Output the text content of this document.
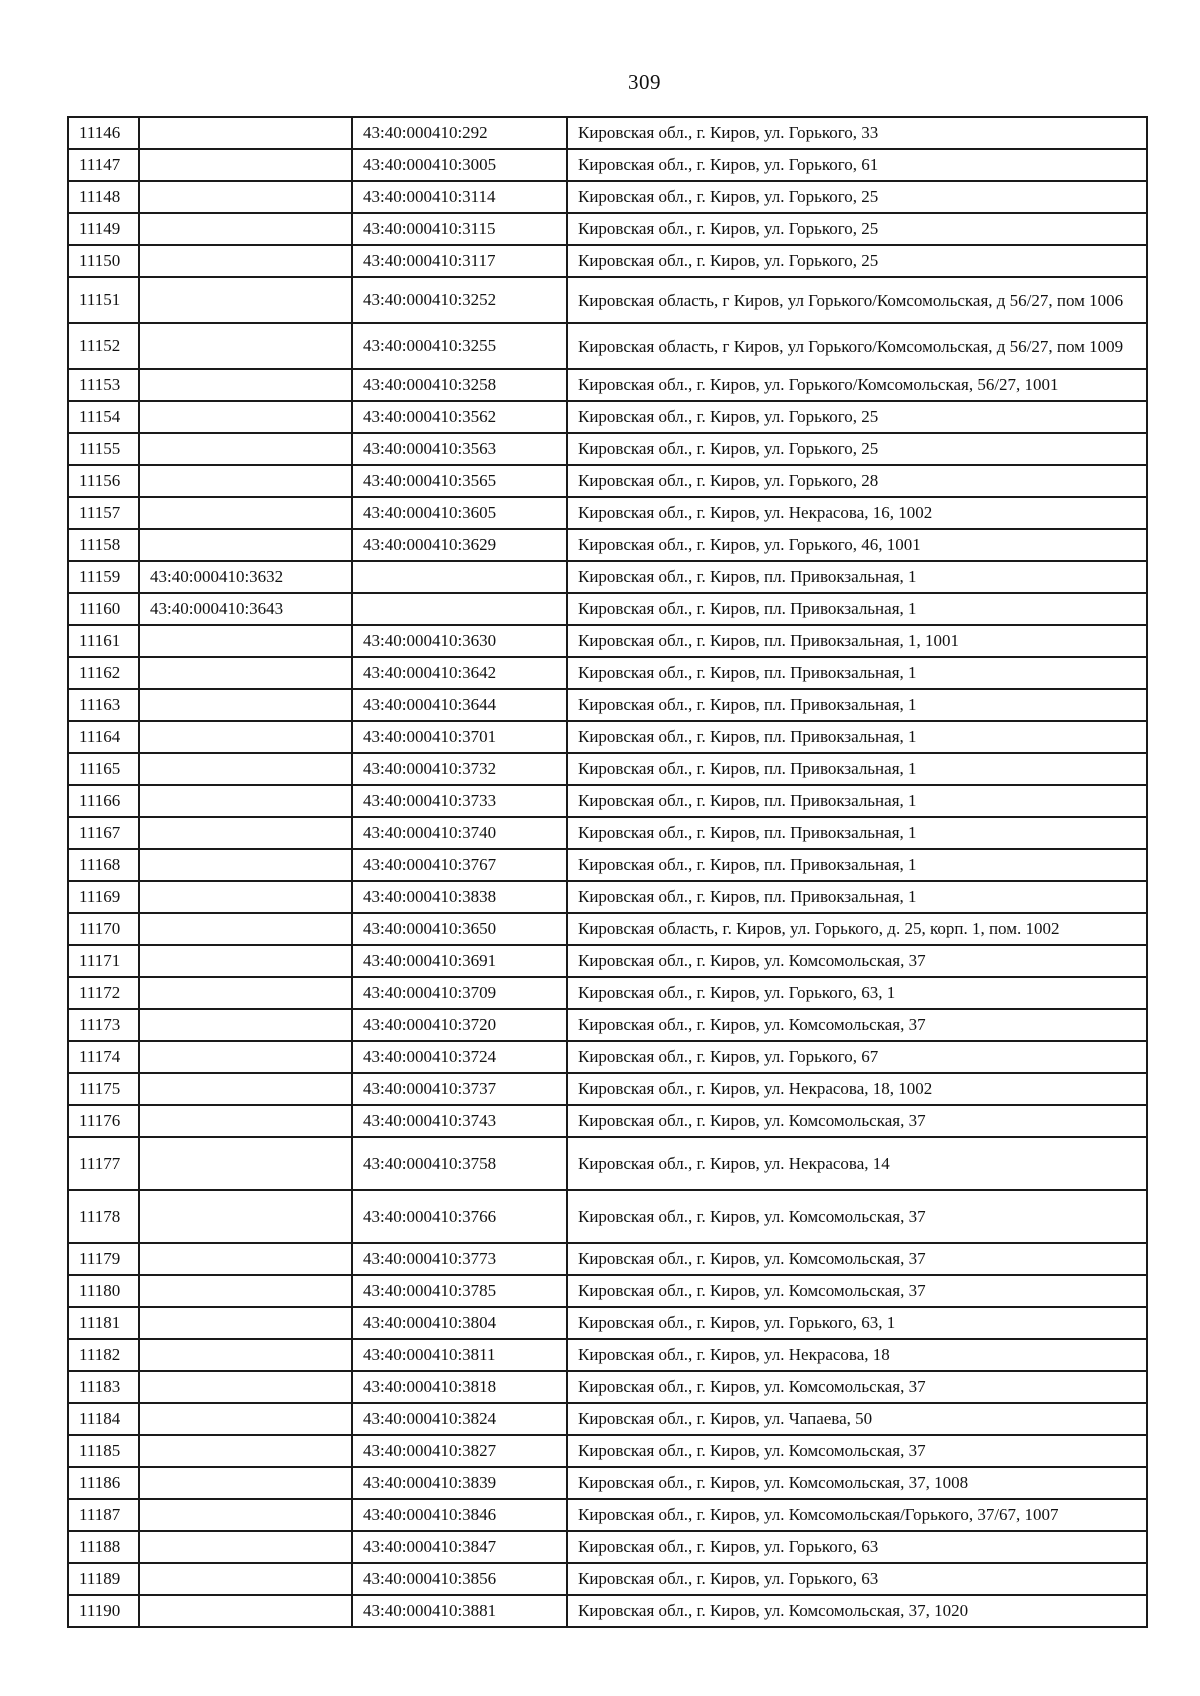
309
11146		43:40:000410:292	Кировская обл., г. Киров, ул. Горького, 33
11147		43:40:000410:3005	Кировская обл., г. Киров, ул. Горького, 61
11148		43:40:000410:3114	Кировская обл., г. Киров, ул. Горького, 25
11149		43:40:000410:3115	Кировская обл., г. Киров, ул. Горького, 25
11150		43:40:000410:3117	Кировская обл., г. Киров, ул. Горького, 25
11151		43:40:000410:3252	Кировская область, г Киров, ул Горького/Комсомольская, д 56/27, пом 1006
11152		43:40:000410:3255	Кировская область, г Киров, ул Горького/Комсомольская, д 56/27, пом 1009
11153		43:40:000410:3258	Кировская обл., г. Киров, ул. Горького/Комсомольская, 56/27, 1001
11154		43:40:000410:3562	Кировская обл., г. Киров, ул. Горького, 25
11155		43:40:000410:3563	Кировская обл., г. Киров, ул. Горького, 25
11156		43:40:000410:3565	Кировская обл., г. Киров, ул. Горького, 28
11157		43:40:000410:3605	Кировская обл., г. Киров, ул. Некрасова, 16, 1002
11158		43:40:000410:3629	Кировская обл., г. Киров, ул. Горького, 46, 1001
11159	43:40:000410:3632		Кировская обл., г. Киров, пл. Привокзальная, 1
11160	43:40:000410:3643		Кировская обл., г. Киров, пл. Привокзальная, 1
11161		43:40:000410:3630	Кировская обл., г. Киров, пл. Привокзальная, 1, 1001
11162		43:40:000410:3642	Кировская обл., г. Киров, пл. Привокзальная, 1
11163		43:40:000410:3644	Кировская обл., г. Киров, пл. Привокзальная, 1
11164		43:40:000410:3701	Кировская обл., г. Киров, пл. Привокзальная, 1
11165		43:40:000410:3732	Кировская обл., г. Киров, пл. Привокзальная, 1
11166		43:40:000410:3733	Кировская обл., г. Киров, пл. Привокзальная, 1
11167		43:40:000410:3740	Кировская обл., г. Киров, пл. Привокзальная, 1
11168		43:40:000410:3767	Кировская обл., г. Киров, пл. Привокзальная, 1
11169		43:40:000410:3838	Кировская обл., г. Киров, пл. Привокзальная, 1
11170		43:40:000410:3650	Кировская область, г. Киров, ул. Горького, д. 25, корп. 1, пом. 1002
11171		43:40:000410:3691	Кировская обл., г. Киров, ул. Комсомольская, 37
11172		43:40:000410:3709	Кировская обл., г. Киров, ул. Горького, 63, 1
11173		43:40:000410:3720	Кировская обл., г. Киров, ул. Комсомольская, 37
11174		43:40:000410:3724	Кировская обл., г. Киров, ул. Горького, 67
11175		43:40:000410:3737	Кировская обл., г. Киров, ул. Некрасова, 18, 1002
11176		43:40:000410:3743	Кировская обл., г. Киров, ул. Комсомольская, 37
11177		43:40:000410:3758	Кировская обл., г. Киров, ул. Некрасова, 14
11178		43:40:000410:3766	Кировская обл., г. Киров, ул. Комсомольская, 37
11179		43:40:000410:3773	Кировская обл., г. Киров, ул. Комсомольская, 37
11180		43:40:000410:3785	Кировская обл., г. Киров, ул. Комсомольская, 37
11181		43:40:000410:3804	Кировская обл., г. Киров, ул. Горького, 63, 1
11182		43:40:000410:3811	Кировская обл., г. Киров, ул. Некрасова, 18
11183		43:40:000410:3818	Кировская обл., г. Киров, ул. Комсомольская, 37
11184		43:40:000410:3824	Кировская обл., г. Киров, ул. Чапаева, 50
11185		43:40:000410:3827	Кировская обл., г. Киров, ул. Комсомольская, 37
11186		43:40:000410:3839	Кировская обл., г. Киров, ул. Комсомольская, 37, 1008
11187		43:40:000410:3846	Кировская обл., г. Киров, ул. Комсомольская/Горького, 37/67, 1007
11188		43:40:000410:3847	Кировская обл., г. Киров, ул. Горького, 63
11189		43:40:000410:3856	Кировская обл., г. Киров, ул. Горького, 63
11190		43:40:000410:3881	Кировская обл., г. Киров, ул. Комсомольская, 37, 1020
